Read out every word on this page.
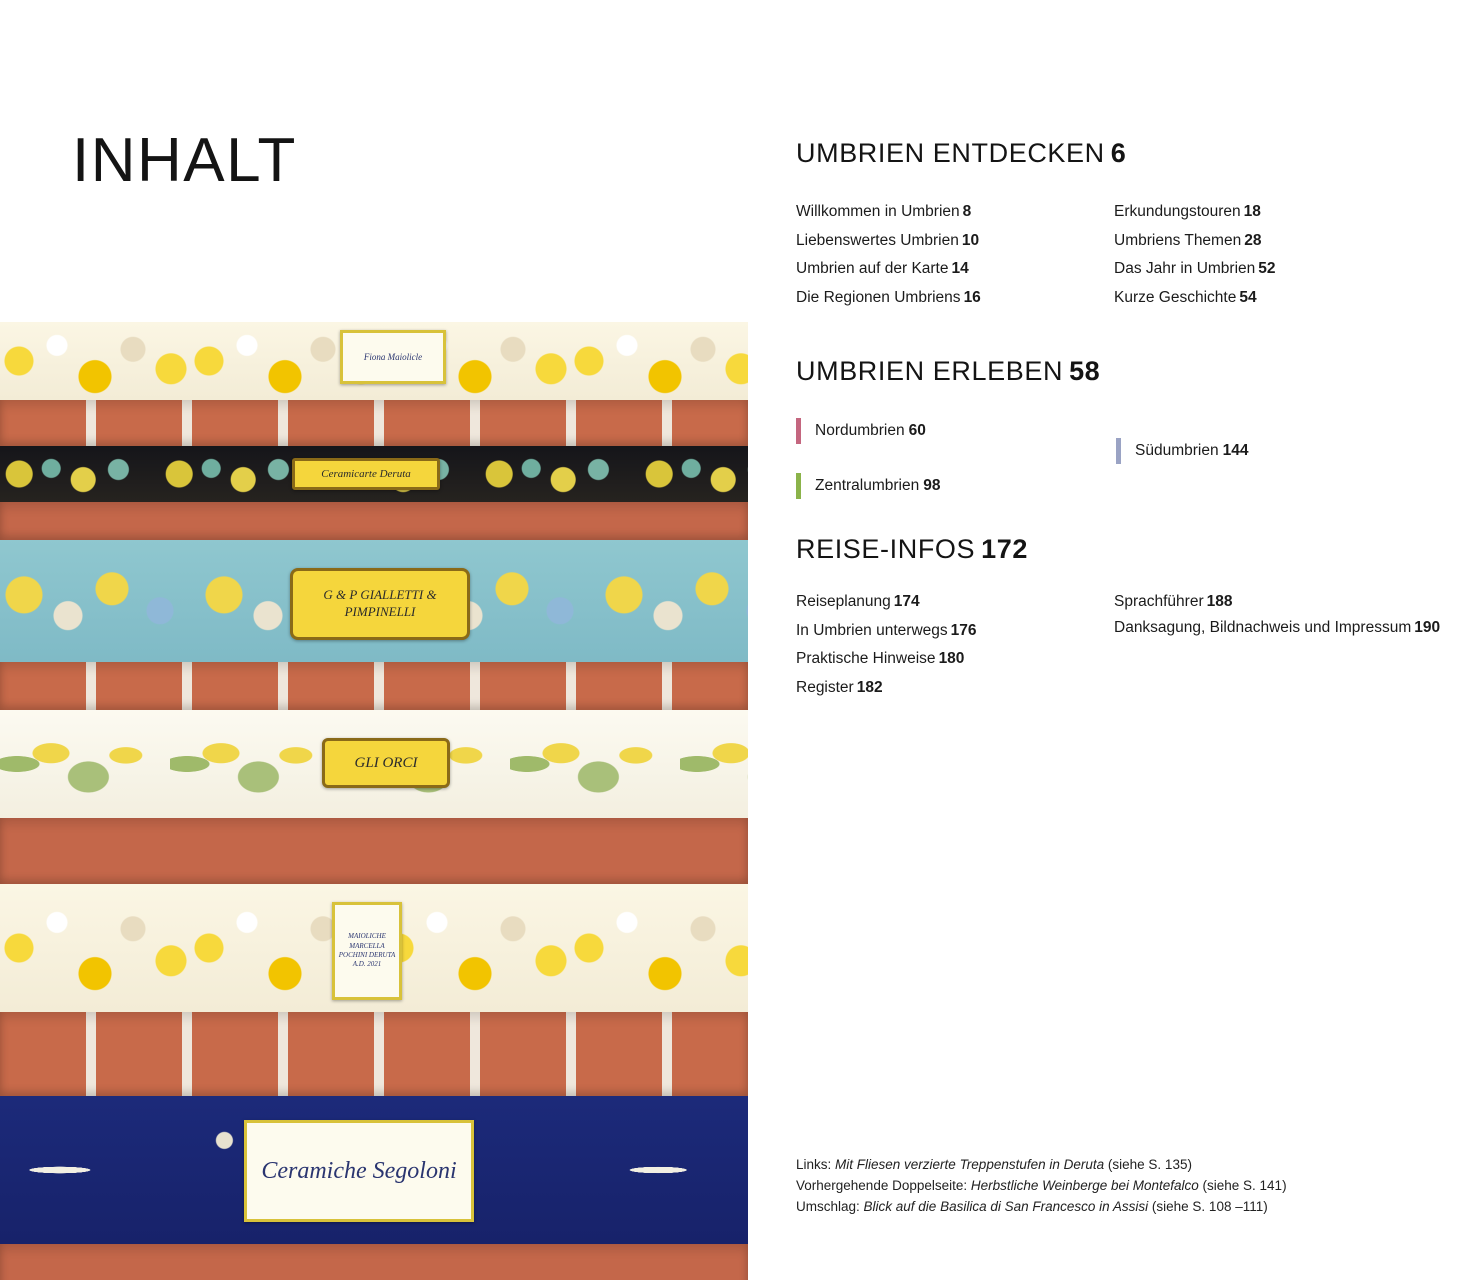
INHALT
Fiona Maiolicle
Ceramicarte Deruta
G & P GIALLETTI & PIMPINELLI
GLI ORCI
MAIOLICHE MARCELLA POCHINI DERUTA A.D. 2021
Ceramiche Segoloni
UMBRIEN ENTDECKEN 6
Willkommen in Umbrien 8
Liebenswertes Umbrien 10
Umbrien auf der Karte 14
Die Regionen Umbriens 16
Erkundungstouren 18
Umbriens Themen 28
Das Jahr in Umbrien 52
Kurze Geschichte 54
UMBRIEN ERLEBEN 58
Nordumbrien 60
Zentralumbrien 98
Südumbrien 144
REISE-INFOS 172
Reiseplanung 174
In Umbrien unterwegs 176
Praktische Hinweise 180
Register 182
Sprachführer 188
Danksagung, Bildnachweis und Impressum 190
Links: Mit Fliesen verzierte Treppenstufen in Deruta (siehe S. 135)
Vorhergehende Doppelseite: Herbstliche Weinberge bei Montefalco (siehe S. 141)
Umschlag: Blick auf die Basilica di San Francesco in Assisi (siehe S. 108 –111)
